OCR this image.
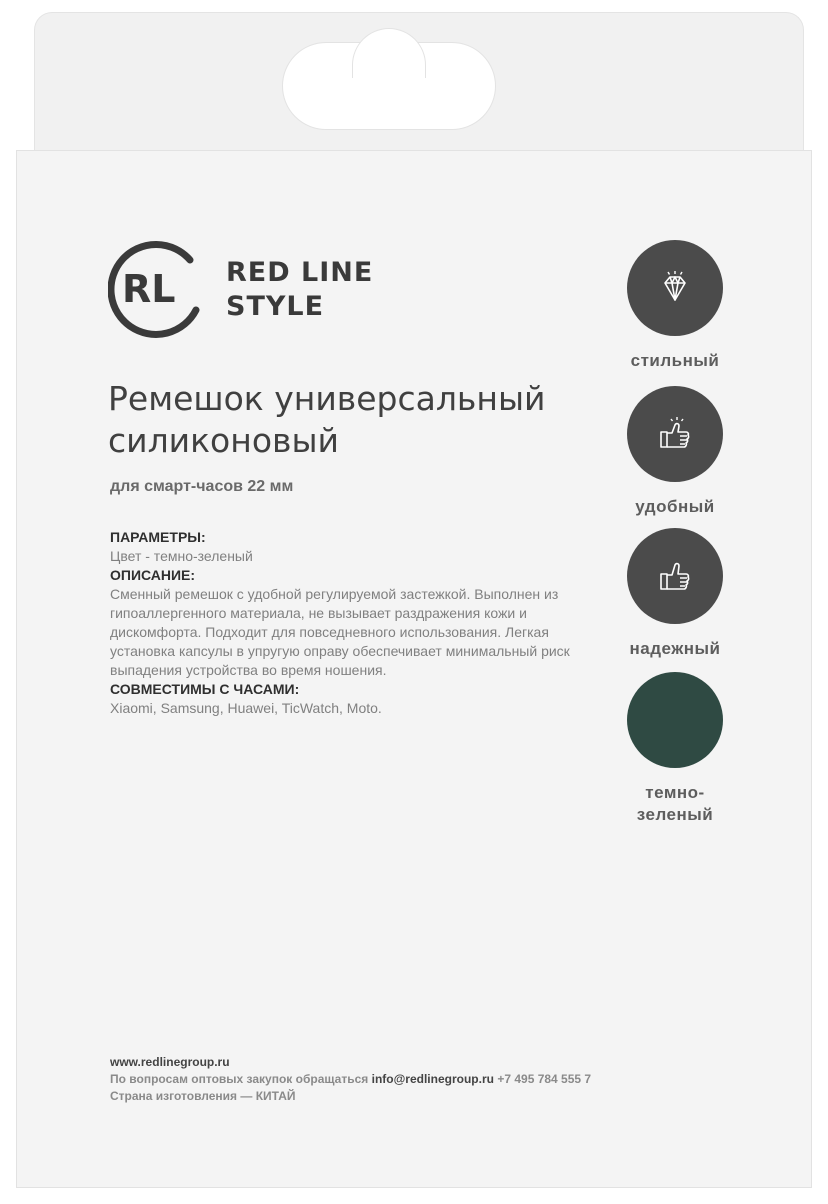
RL RED LINE
STYLE
Ремешок универсальный силиконовый
для смарт-часов 22 мм
ПАРАМЕТРЫ:
Цвет - темно-зеленый
ОПИСАНИЕ:
Сменный ремешок с удобной регулируемой застежкой. Выполнен из гипоаллергенного материала, не вызывает раздражения кожи и дискомфорта. Подходит для повседневного использования. Легкая установка капсулы в упругую оправу обеспечивает минимальный риск выпадения устройства во время ношения.
СОВМЕСТИМЫ С ЧАСАМИ:
Xiaomi, Samsung, Huawei, TicWatch, Moto.
стильный
удобный
надежный
темно-
зеленый
www.redlinegroup.ru
По вопросам оптовых закупок обращаться info@redlinegroup.ru +7 495 784 555 7
Страна изготовления — КИТАЙ
